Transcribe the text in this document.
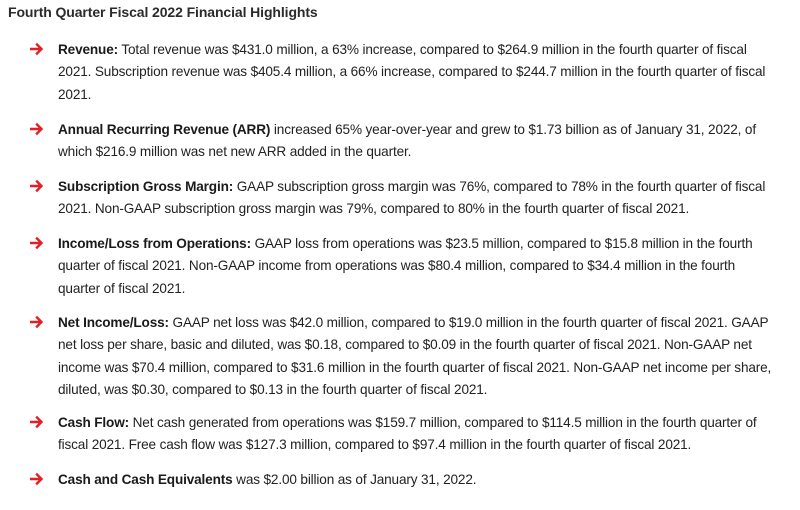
Fourth Quarter Fiscal 2022 Financial Highlights
Revenue: Total revenue was $431.0 million, a 63% increase, compared to $264.9 million in the fourth quarter of fiscal 2021. Subscription revenue was $405.4 million, a 66% increase, compared to $244.7 million in the fourth quarter of fiscal 2021.
Annual Recurring Revenue (ARR) increased 65% year-over-year and grew to $1.73 billion as of January 31, 2022, of which $216.9 million was net new ARR added in the quarter.
Subscription Gross Margin: GAAP subscription gross margin was 76%, compared to 78% in the fourth quarter of fiscal 2021. Non-GAAP subscription gross margin was 79%, compared to 80% in the fourth quarter of fiscal 2021.
Income/Loss from Operations: GAAP loss from operations was $23.5 million, compared to $15.8 million in the fourth quarter of fiscal 2021. Non-GAAP income from operations was $80.4 million, compared to $34.4 million in the fourth quarter of fiscal 2021.
Net Income/Loss: GAAP net loss was $42.0 million, compared to $19.0 million in the fourth quarter of fiscal 2021. GAAP net loss per share, basic and diluted, was $0.18, compared to $0.09 in the fourth quarter of fiscal 2021. Non-GAAP net income was $70.4 million, compared to $31.6 million in the fourth quarter of fiscal 2021. Non-GAAP net income per share, diluted, was $0.30, compared to $0.13 in the fourth quarter of fiscal 2021.
Cash Flow: Net cash generated from operations was $159.7 million, compared to $114.5 million in the fourth quarter of fiscal 2021. Free cash flow was $127.3 million, compared to $97.4 million in the fourth quarter of fiscal 2021.
Cash and Cash Equivalents was $2.00 billion as of January 31, 2022.
